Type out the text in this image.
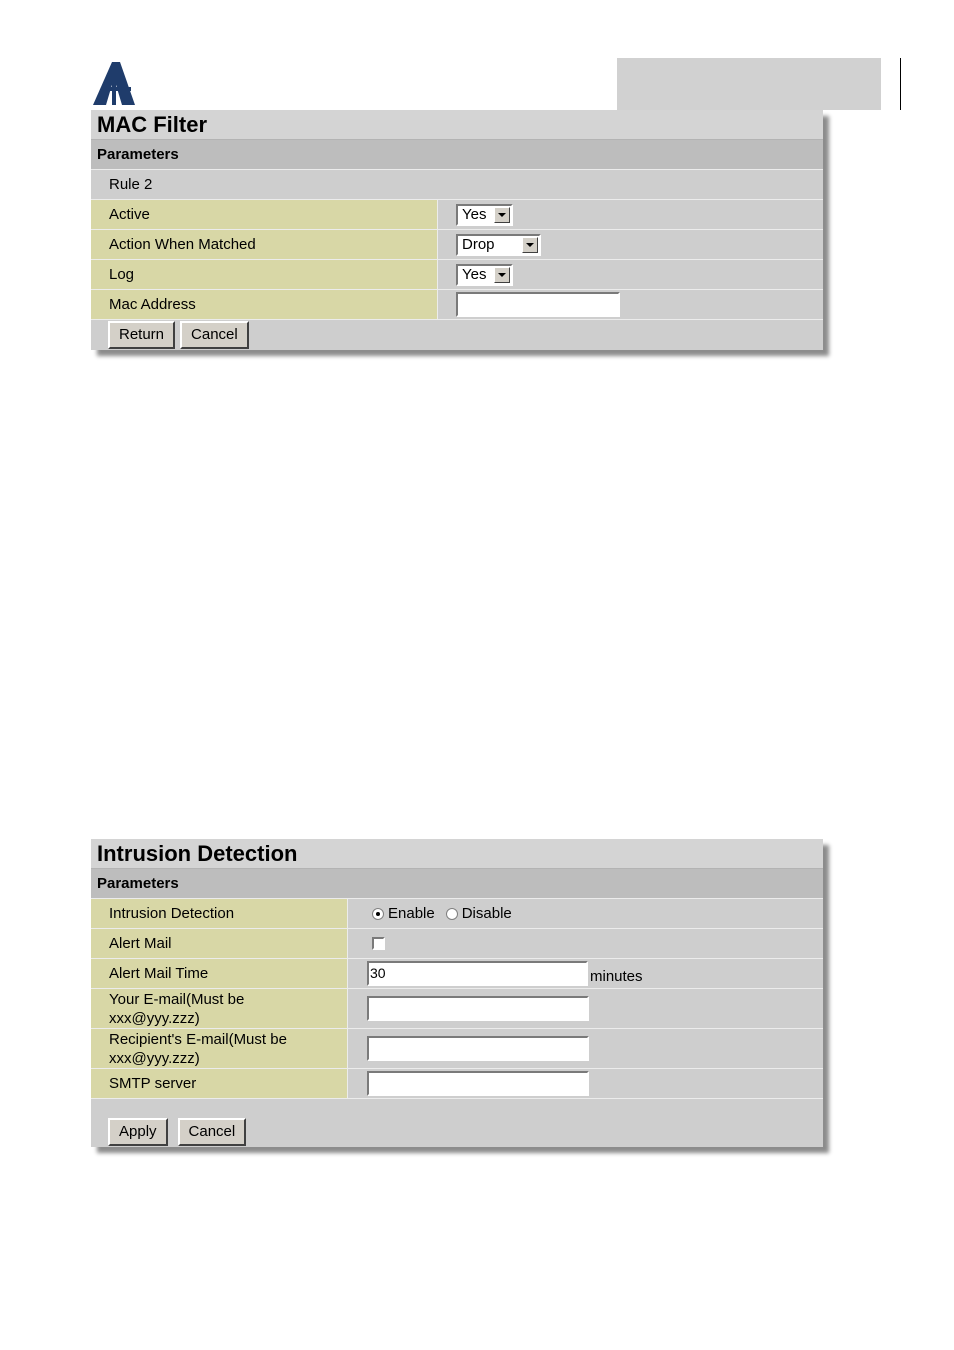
MAC Filter
Parameters
Rule 2
Active	Yes
Action When Matched	Drop
Log	Yes
Mac Address
Return	Cancel
Intrusion Detection
Parameters
Intrusion Detection	Enable Disable
Alert Mail
Alert Mail Time	30	minutes
Your E-mail(Must be xxx@yyy.zzz)
Recipient's E-mail(Must be xxx@yyy.zzz)
SMTP server
Apply	Cancel
